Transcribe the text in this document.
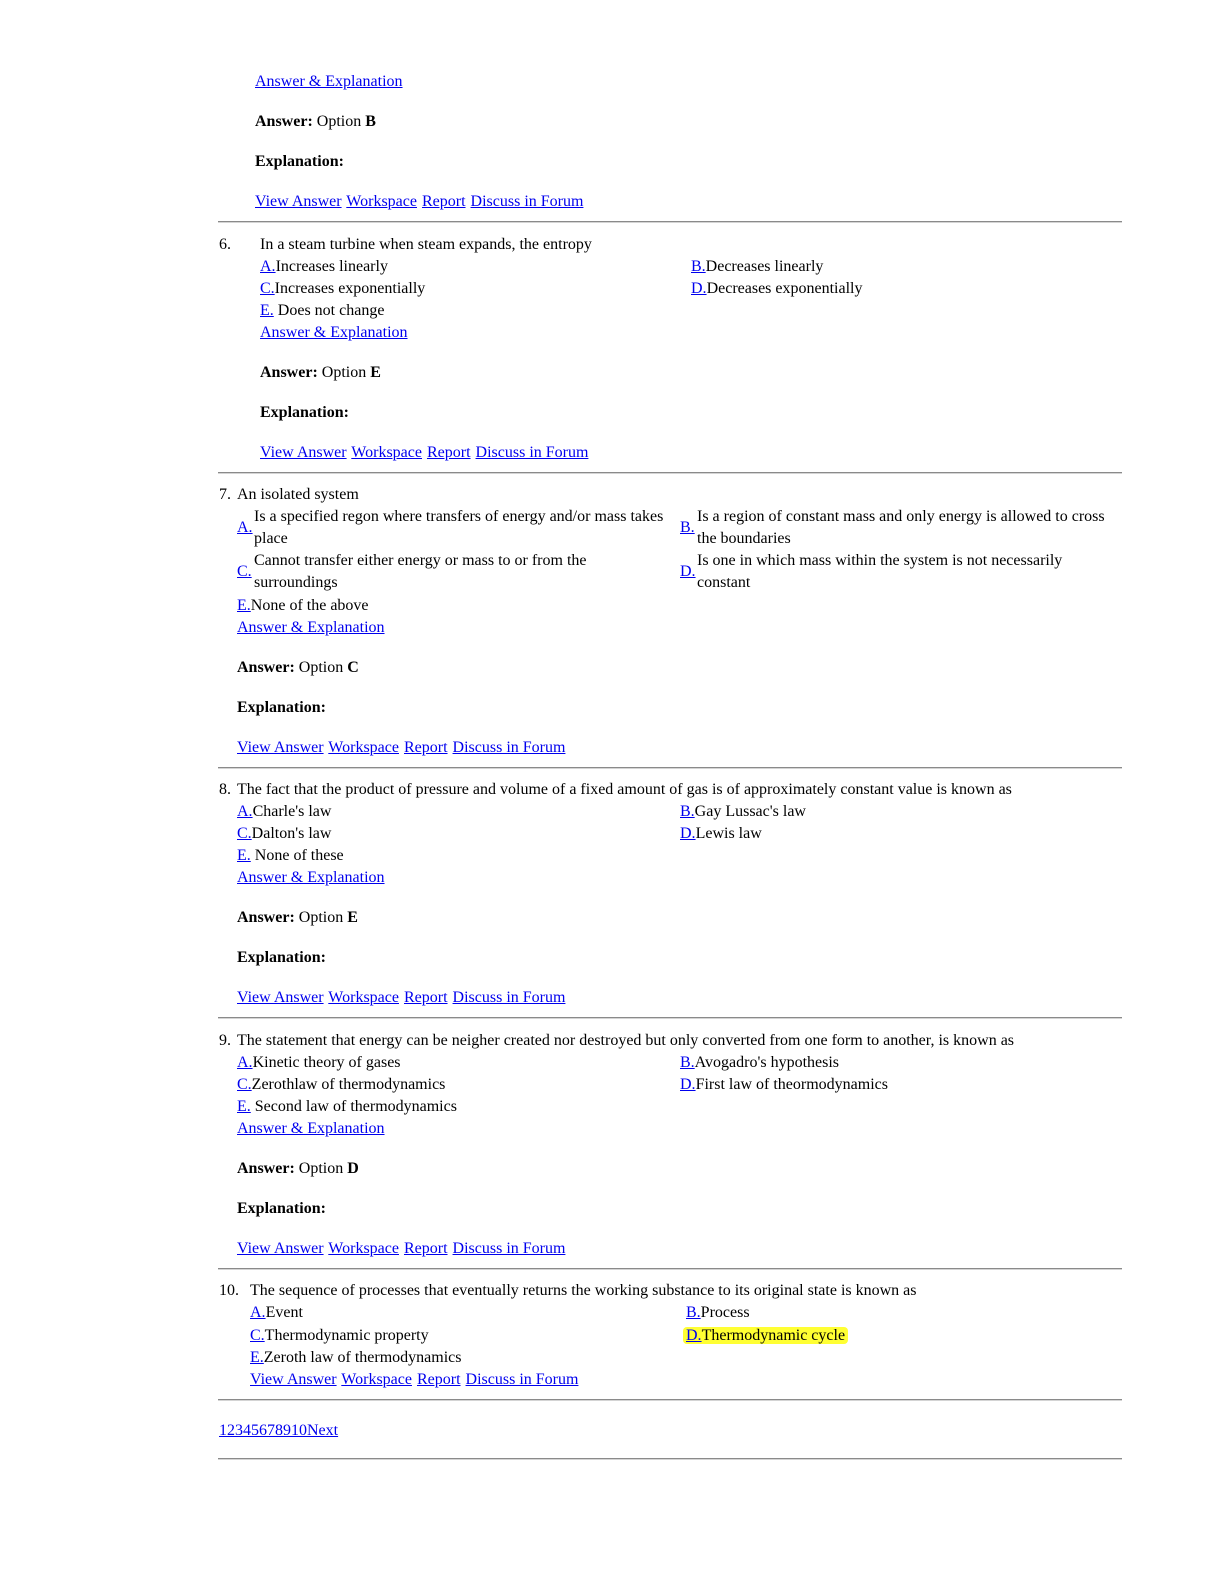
Answer & Explanation
Answer: Option B
Explanation:
View Answer Workspace Report Discuss in Forum
6. In a steam turbine when steam expands, the entropy
A.Increases linearly	B.Decreases linearly
C.Increases exponentially	D.Decreases exponentially
E. Does not change
Answer & Explanation
Answer: Option E
Explanation:
View Answer Workspace Report Discuss in Forum
7. An isolated system
A.
Is a specified regon where transfers of energy and/or mass takes place
B.
Is a region of constant mass and only energy is allowed to cross the boundaries
C.
Cannot transfer either energy or mass to or from the surroundings
D.
Is one in which mass within the system is not necessarily constant
E.None of the above
Answer & Explanation
Answer: Option C
Explanation:
View Answer Workspace Report Discuss in Forum
8. The fact that the product of pressure and volume of a fixed amount of gas is of approximately constant value is known as
A.Charle's law	B.Gay Lussac's law
C.Dalton's law	D.Lewis law
E. None of these
Answer & Explanation
Answer: Option E
Explanation:
View Answer Workspace Report Discuss in Forum
9. The statement that energy can be neigher created nor destroyed but only converted from one form to another, is known as
A.Kinetic theory of gases	B.Avogadro's hypothesis
C.Zerothlaw of thermodynamics	D.First law of theormodynamics
E. Second law of thermodynamics
Answer & Explanation
Answer: Option D
Explanation:
View Answer Workspace Report Discuss in Forum
10. The sequence of processes that eventually returns the working substance to its original state is known as
A.Event	B.Process
C.Thermodynamic property	D.Thermodynamic cycle
E.Zeroth law of thermodynamics
View Answer Workspace Report Discuss in Forum
12345678910Next
